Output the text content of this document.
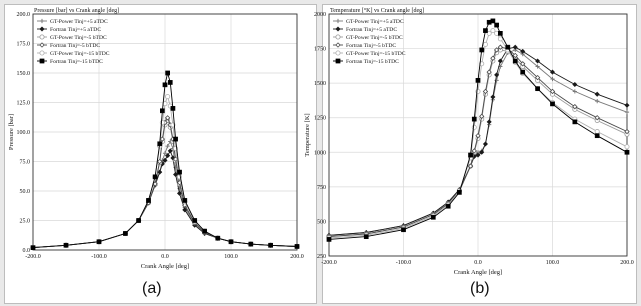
-200.0	-100.0	0.0	100.0	200.0
0.0
25.0
50.0
75.0
100.0
125.0
150.0
175.0
200.0
Crank Angle [deg]
Pressure [bar]
Pressure [bar] vs Crank angle [deg]
GT-Power Tinj=+5 aTDC
Fortran Tinj=+5 aTDC
GT-Power Tinj=-5 bTDC
Fortran Tinj=-5 bTDC
GT-Power Tinj=-15 bTDC
Fortran Tinj=-15 bTDC
-200.0	-100.0	0.0	100.0	200.0
250
500
750
1000
1250
1500
1750
2000
Crank Angle [deg]
Temperature [K]
Temperature [°K] vs Crank angle [deg]
GT-Power Tinj=+5 aTDC
Fortran Tinj=+5 aTDC
GT-Power Tinj=-5 bTDC
Fortran Tinj=-5 bTDC
GT-Power Tinj=-15 bTDC
Fortran Tinj=-15 bTDC
(a)	(b)
